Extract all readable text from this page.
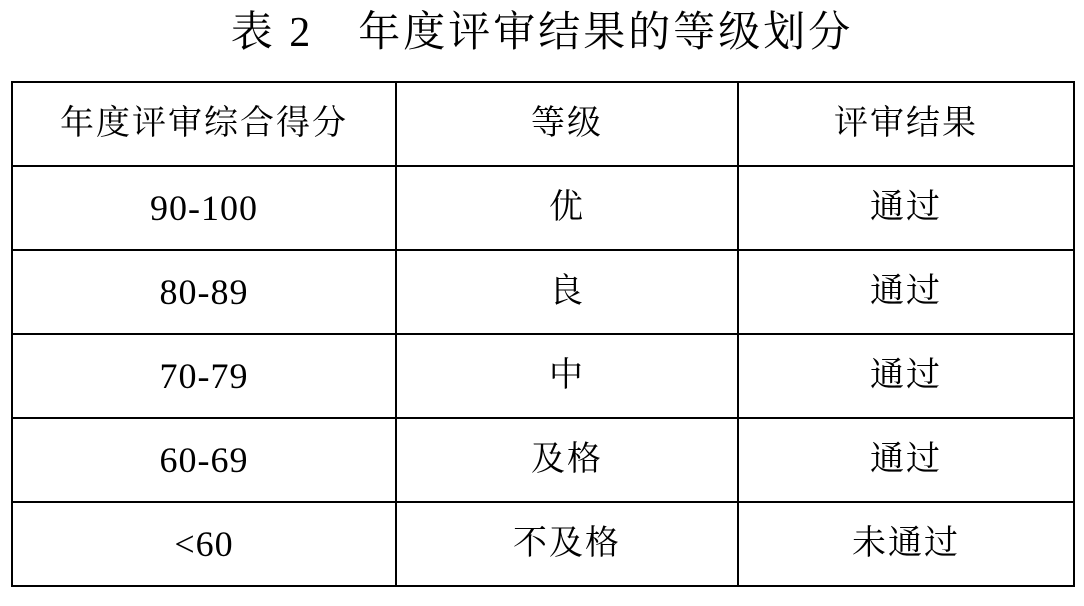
表 2　年度评审结果的等级划分
年度评审综合得分	等级	评审结果
90-100	优	通过
80-89	良	通过
70-79	中	通过
60-69	及格	通过
<60	不及格	未通过
